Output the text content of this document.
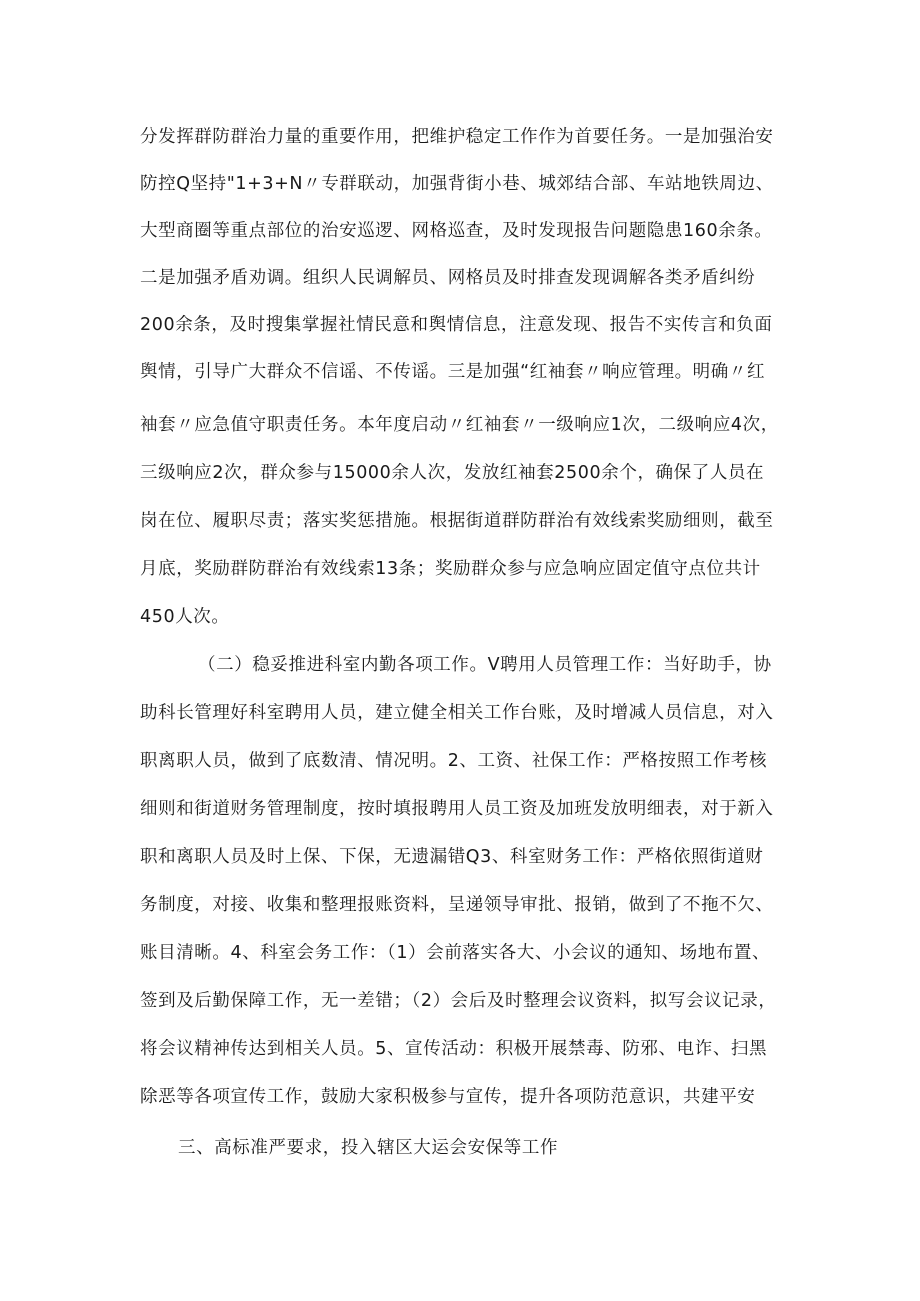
分发挥群防群治力量的重要作用，把维护稳定工作作为首要任务。一是加强治安
防控Q坚持"1+3+N〃专群联动，加强背街小巷、城郊结合部、车站地铁周边、
大型商圈等重点部位的治安巡逻、网格巡查，及时发现报告问题隐患160余条。
二是加强矛盾劝调。组织人民调解员、网格员及时排查发现调解各类矛盾纠纷
200余条，及时搜集掌握社情民意和舆情信息，注意发现、报告不实传言和负面
舆情，引导广大群众不信谣、不传谣。三是加强“红袖套〃响应管理。明确〃红
袖套〃应急值守职责任务。本年度启动〃红袖套〃一级响应1次，二级响应4次，
三级响应2次，群众参与15000余人次，发放红袖套2500余个，确保了人员在
岗在位、履职尽责；落实奖惩措施。根据街道群防群治有效线索奖励细则，截至
月底，奖励群防群治有效线索13条；奖励群众参与应急响应固定值守点位共计
450人次。
（二）稳妥推进科室内勤各项工作。V聘用人员管理工作：当好助手，协
助科长管理好科室聘用人员，建立健全相关工作台账，及时增减人员信息，对入
职离职人员，做到了底数清、情况明。2、工资、社保工作：严格按照工作考核
细则和街道财务管理制度，按时填报聘用人员工资及加班发放明细表，对于新入
职和离职人员及时上保、下保，无遗漏错Q3、科室财务工作：严格依照街道财
务制度，对接、收集和整理报账资料，呈递领导审批、报销，做到了不拖不欠、
账目清晰。4、科室会务工作：（1）会前落实各大、小会议的通知、场地布置、
签到及后勤保障工作，无一差错；（2）会后及时整理会议资料，拟写会议记录，
将会议精神传达到相关人员。5、宣传活动：积极开展禁毒、防邪、电诈、扫黑
除恶等各项宣传工作，鼓励大家积极参与宣传，提升各项防范意识，共建平安
三、高标准严要求，投入辖区大运会安保等工作
